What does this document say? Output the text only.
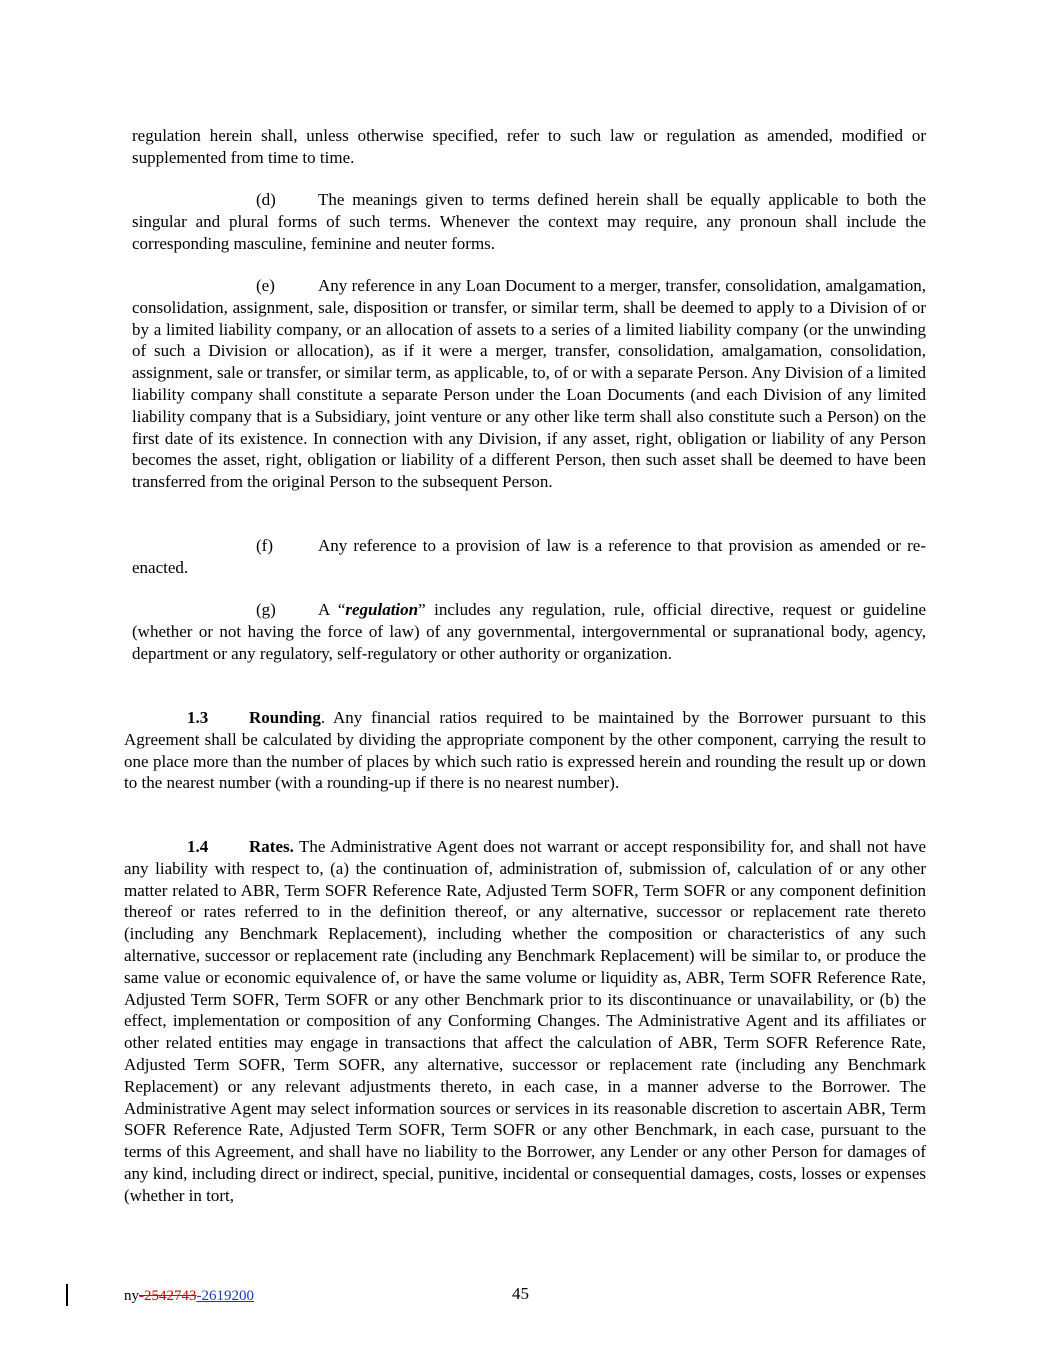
regulation herein shall, unless otherwise specified, refer to such law or regulation as amended, modified or supplemented from time to time.

(d) The meanings given to terms defined herein shall be equally applicable to both the singular and plural forms of such terms. Whenever the context may require, any pronoun shall include the corresponding masculine, feminine and neuter forms.

(e)	Any reference in any Loan Document to a merger, transfer, consolidation, amalgamation, consolidation, assignment, sale, disposition or transfer, or similar term, shall be deemed to apply to a Division of or by a limited liability company, or an allocation of assets to a series of a limited liability company (or the unwinding of such a Division or allocation), as if it were a merger, transfer, consolidation, amalgamation, consolidation, assignment, sale or transfer, or similar term, as applicable, to, of or with a separate Person. Any Division of a limited liability company shall constitute a separate Person under the Loan Documents (and each Division of any limited liability company that is a Subsidiary, joint venture or any other like term shall also constitute such a Person) on the first date of its existence. In connection with any Division, if any asset, right, obligation or liability of any Person becomes the asset, right, obligation or liability of a different Person, then such asset shall be deemed to have been transferred from the original Person to the subsequent Person.

(f)	Any reference to a provision of law is a reference to that provision as amended or re-enacted.

(g) A “regulation” includes any regulation, rule, official directive, request or guideline (whether or not having the force of law) of any governmental, intergovernmental or supranational body, agency, department or any regulatory, self-regulatory or other authority or organization.

1.3 Rounding. Any financial ratios required to be maintained by the Borrower pursuant to this Agreement shall be calculated by dividing the appropriate component by the other component, carrying the result to one place more than the number of places by which such ratio is expressed herein and rounding the result up or down to the nearest number (with a rounding-up if there is no nearest number).

1.4 Rates. The Administrative Agent does not warrant or accept responsibility for, and shall not have any liability with respect to, (a) the continuation of, administration of, submission of, calculation of or any other matter related to ABR, Term SOFR Reference Rate, Adjusted Term SOFR, Term SOFR or any component definition thereof or rates referred to in the definition thereof, or any alternative, successor or replacement rate thereto (including any Benchmark Replacement), including whether the composition or characteristics of any such alternative, successor or replacement rate (including any Benchmark Replacement) will be similar to, or produce the same value or economic equivalence of, or have the same volume or liquidity as, ABR, Term SOFR Reference Rate, Adjusted Term SOFR, Term SOFR or any other Benchmark prior to its discontinuance or unavailability, or (b) the effect, implementation or composition of any Conforming Changes. The Administrative Agent and its affiliates or other related entities may engage in transactions that affect the calculation of ABR, Term SOFR Reference Rate, Adjusted Term SOFR, Term SOFR, any alternative, successor or replacement rate (including any Benchmark Replacement) or any relevant adjustments thereto, in each case, in a manner adverse to the Borrower. The Administrative Agent may select information sources or services in its reasonable discretion to ascertain ABR, Term SOFR Reference Rate, Adjusted Term SOFR, Term SOFR or any other Benchmark, in each case, pursuant to the terms of this Agreement, and shall have no liability to the Borrower, any Lender or any other Person for damages of any kind, including direct or indirect, special, punitive, incidental or consequential damages, costs, losses or expenses (whether in tort,

ny-2542743-2619200	45
